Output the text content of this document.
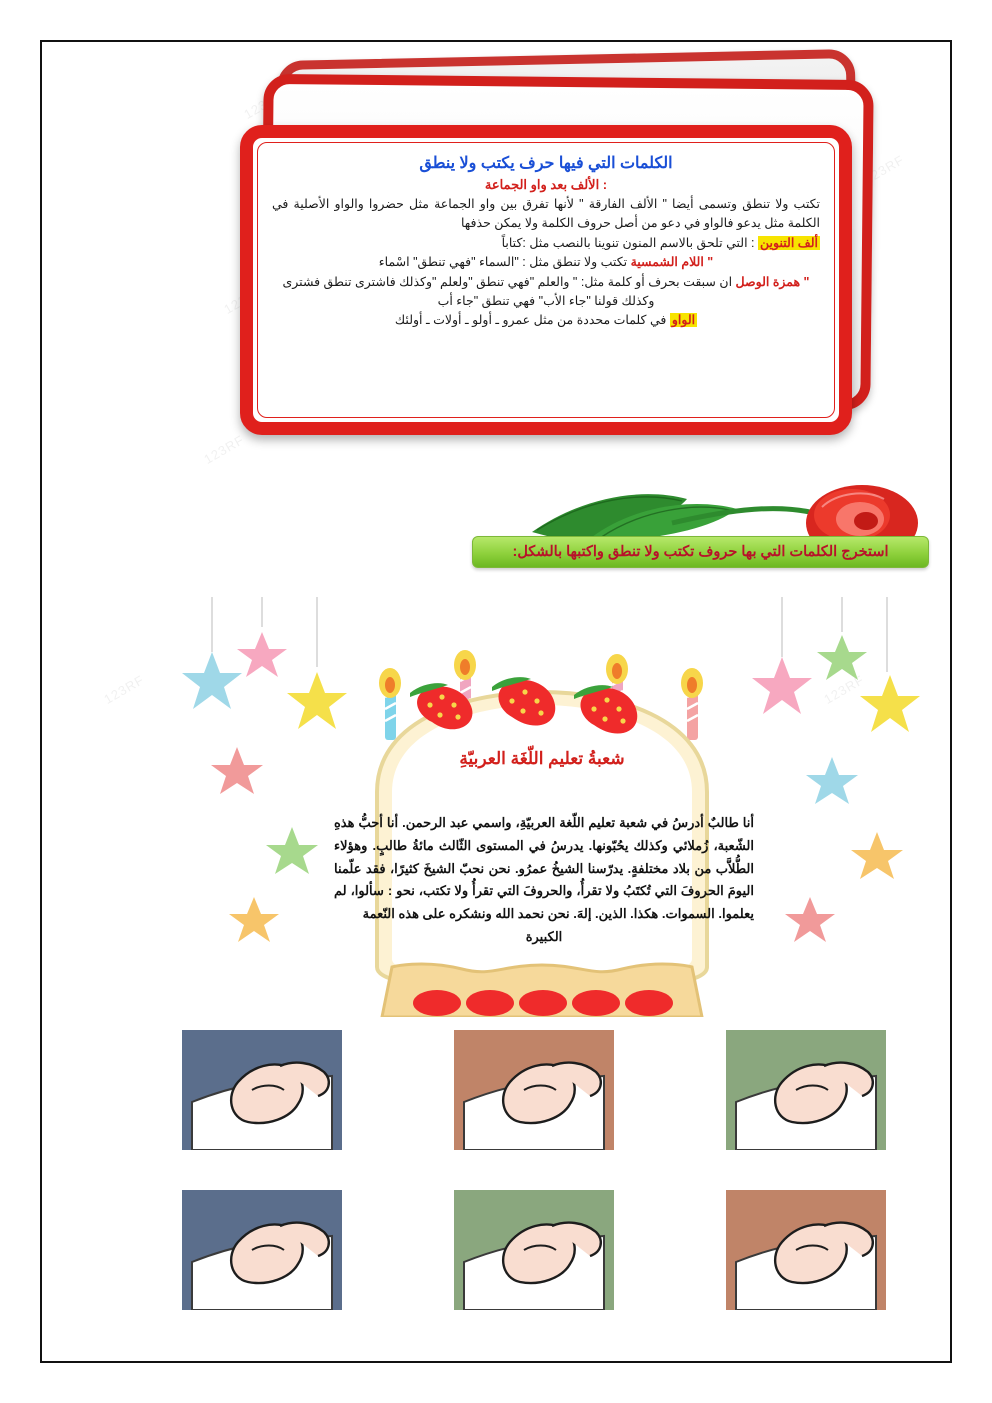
123RF
123RF
123RF	123RF
الكلمات التي فيها حرف يكتب ولا ينطق
: الألف بعد واو الجماعة

تكتب ولا تنطق وتسمى أيضا " الألف الفارقة " لأنها تفرق بين واو الجماعة مثل حضروا والواو الأصلية في الكلمة مثل يدعو فالواو في دعو من أصل حروف الكلمة ولا يمكن حذفها

ألف التنوين : التي تلحق بالاسم المنون تنوينا بالنصب مثل :كتاباً

" اللام الشمسية تكتب ولا تنطق مثل : "السماء "فهي تنطق" اسْماء

" همزة الوصل ان سبقت بحرف أو كلمة مثل: " والعلم "فهي تنطق "ولعلم "وكذلك فاشترى تنطق فشترى وكذلك قولنا "جاء الأب" فهي تنطق "جاء أب

الواو في كلمات محددة من مثل عمرو ـ أولو ـ أولات ـ أولئك

استخرج الكلمات التي بها حروف تكتب ولا تنطق واكتبها بالشكل:
شعبةُ تعليم اللّغَة العربيّةِ
أنا طالبٌ أدرسُ في شعبة تعليم اللّغة العربيّةِ، واسمي عبد الرحمن. أنا أحبُّ هذهِ الشّعبة، زُملائي وكذلك يحُبّونها. يدرسُ في المستوى الثّالث مائةُ طالبٍ. وهؤلاء الطُّلاَّب من بلاد مختلفةٍ. يدرّسنا الشيخُ عمرُو. نحن نحبّ الشيخَ كثيرًا، فقد علّمنا اليومَ الحروفَ التي تُكتَبُ ولا تقرأُ، والحروفَ التي تقرأُ ولا تكتب، نحو : سألوا، لم يعلموا. السموات. هكذا. الذين. إلهَ. نحن نحمد الله ونشكره على هذه النّعمة
الكبيرة
